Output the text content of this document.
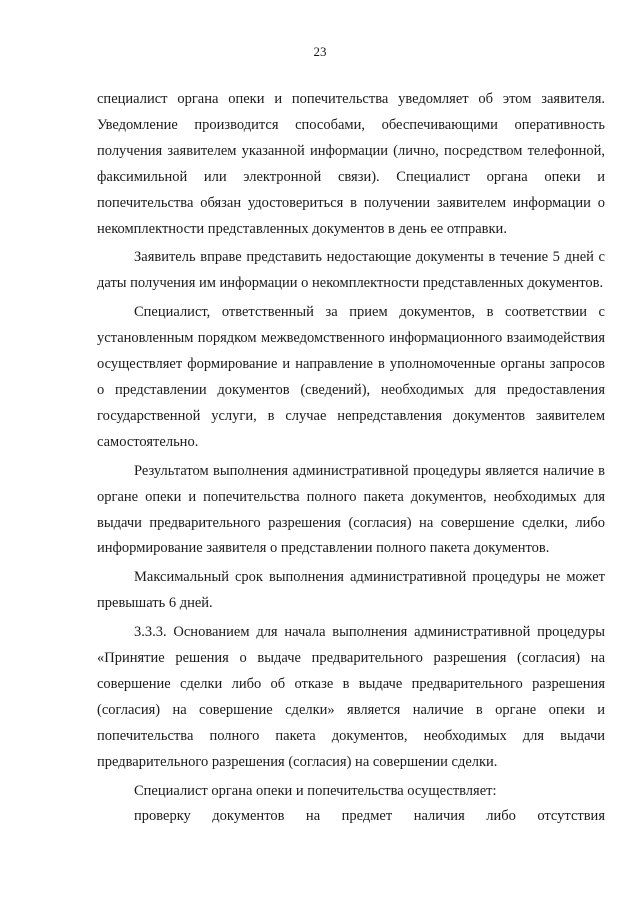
23

специалист органа опеки и попечительства уведомляет об этом заявителя. Уведомление производится способами, обеспечивающими оперативность получения заявителем указанной информации (лично, посредством телефонной, факсимильной или электронной связи). Специалист органа опеки и попечительства обязан удостовериться в получении заявителем информации о некомплектности представленных документов в день ее отправки.

Заявитель вправе представить недостающие документы в течение 5 дней с даты получения им информации о некомплектности представленных документов.

Специалист, ответственный за прием документов, в соответствии с установленным порядком межведомственного информационного взаимодействия осуществляет формирование и направление в уполномоченные органы запросов о представлении документов (сведений), необходимых для предоставления государственной услуги, в случае непредставления документов заявителем самостоятельно.

Результатом выполнения административной процедуры является наличие в органе опеки и попечительства полного пакета документов, необходимых для выдачи предварительного разрешения (согласия) на совершение сделки, либо информирование заявителя о представлении полного пакета документов.

Максимальный срок выполнения административной процедуры не может превышать 6 дней.

3.3.3. Основанием для начала выполнения административной процедуры «Принятие решения о выдаче предварительного разрешения (согласия) на совершение сделки либо об отказе в выдаче предварительного разрешения (согласия) на совершение сделки» является наличие в органе опеки и попечительства полного пакета документов, необходимых для выдачи предварительного разрешения (согласия) на совершении сделки.

Специалист органа опеки и попечительства осуществляет:

проверку документов на предмет наличия либо отсутствия
